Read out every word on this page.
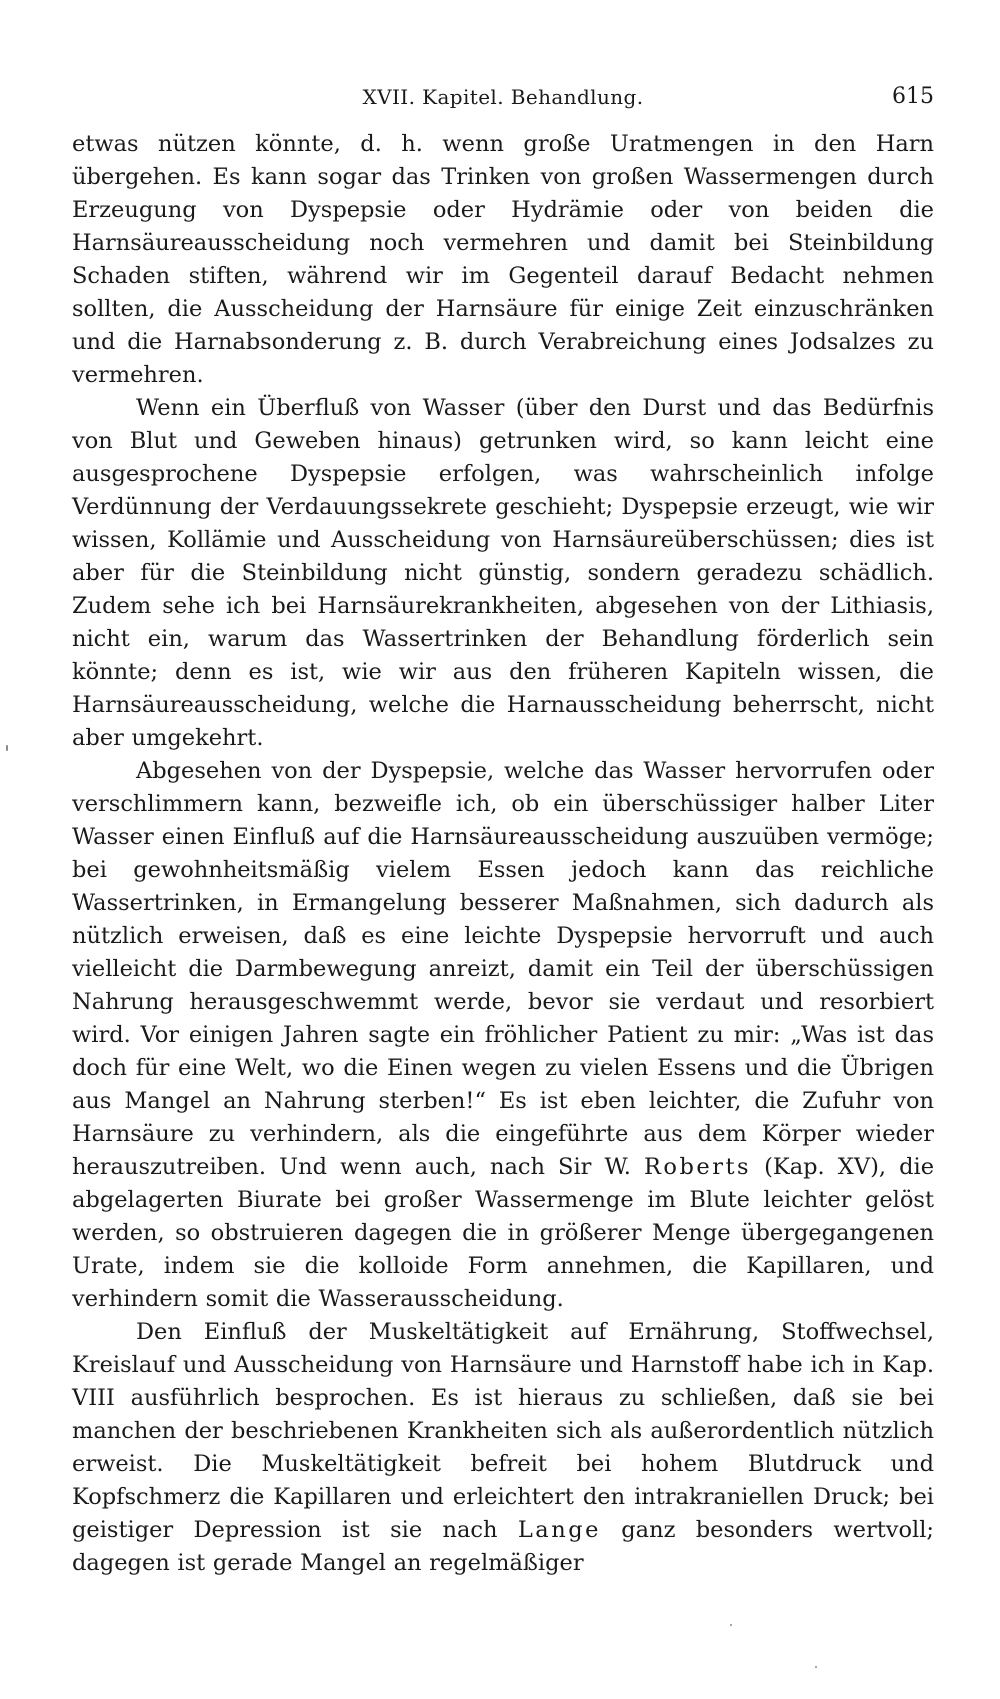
XVII. Kapitel. Behandlung.	615

etwas nützen könnte, d. h. wenn große Uratmengen in den Harn übergehen. Es kann sogar das Trinken von großen Wassermengen durch Erzeugung von Dyspepsie oder Hydrämie oder von beiden die Harnsäureausscheidung noch vermehren und damit bei Steinbildung Schaden stiften, während wir im Gegenteil darauf Bedacht nehmen sollten, die Ausscheidung der Harnsäure für einige Zeit einzuschränken und die Harnabsonderung z. B. durch Verabreichung eines Jodsalzes zu vermehren.

Wenn ein Überfluß von Wasser (über den Durst und das Bedürfnis von Blut und Geweben hinaus) getrunken wird, so kann leicht eine ausgesprochene Dyspepsie erfolgen, was wahrscheinlich infolge Verdünnung der Verdauungssekrete geschieht; Dyspepsie erzeugt, wie wir wissen, Kollämie und Ausscheidung von Harnsäureüberschüssen; dies ist aber für die Steinbildung nicht günstig, sondern geradezu schädlich. Zudem sehe ich bei Harnsäurekrankheiten, abgesehen von der Lithiasis, nicht ein, warum das Wassertrinken der Behandlung förderlich sein könnte; denn es ist, wie wir aus den früheren Kapiteln wissen, die Harnsäureausscheidung, welche die Harnausscheidung beherrscht, nicht aber umgekehrt.

Abgesehen von der Dyspepsie, welche das Wasser hervorrufen oder verschlimmern kann, bezweifle ich, ob ein überschüssiger halber Liter Wasser einen Einfluß auf die Harnsäureausscheidung auszuüben vermöge; bei gewohnheitsmäßig vielem Essen jedoch kann das reichliche Wassertrinken, in Ermangelung besserer Maßnahmen, sich dadurch als nützlich erweisen, daß es eine leichte Dyspepsie hervorruft und auch vielleicht die Darmbewegung anreizt, damit ein Teil der überschüssigen Nahrung herausgeschwemmt werde, bevor sie verdaut und resorbiert wird. Vor einigen Jahren sagte ein fröhlicher Patient zu mir: „Was ist das doch für eine Welt, wo die Einen wegen zu vielen Essens und die Übrigen aus Mangel an Nahrung sterben!“ Es ist eben leichter, die Zufuhr von Harnsäure zu verhindern, als die eingeführte aus dem Körper wieder herauszutreiben. Und wenn auch, nach Sir W. Roberts (Kap. XV), die abgelagerten Biurate bei großer Wassermenge im Blute leichter gelöst werden, so obstruieren dagegen die in größerer Menge übergegangenen Urate, indem sie die kolloide Form annehmen, die Kapillaren, und verhindern somit die Wasserausscheidung.

Den Einfluß der Muskeltätigkeit auf Ernährung, Stoffwechsel, Kreislauf und Ausscheidung von Harnsäure und Harnstoff habe ich in Kap. VIII ausführlich besprochen. Es ist hieraus zu schließen, daß sie bei manchen der beschriebenen Krankheiten sich als außerordentlich nützlich erweist. Die Muskeltätigkeit befreit bei hohem Blutdruck und Kopfschmerz die Kapillaren und erleichtert den intrakraniellen Druck; bei geistiger Depression ist sie nach Lange ganz besonders wertvoll; dagegen ist gerade Mangel an regelmäßiger
